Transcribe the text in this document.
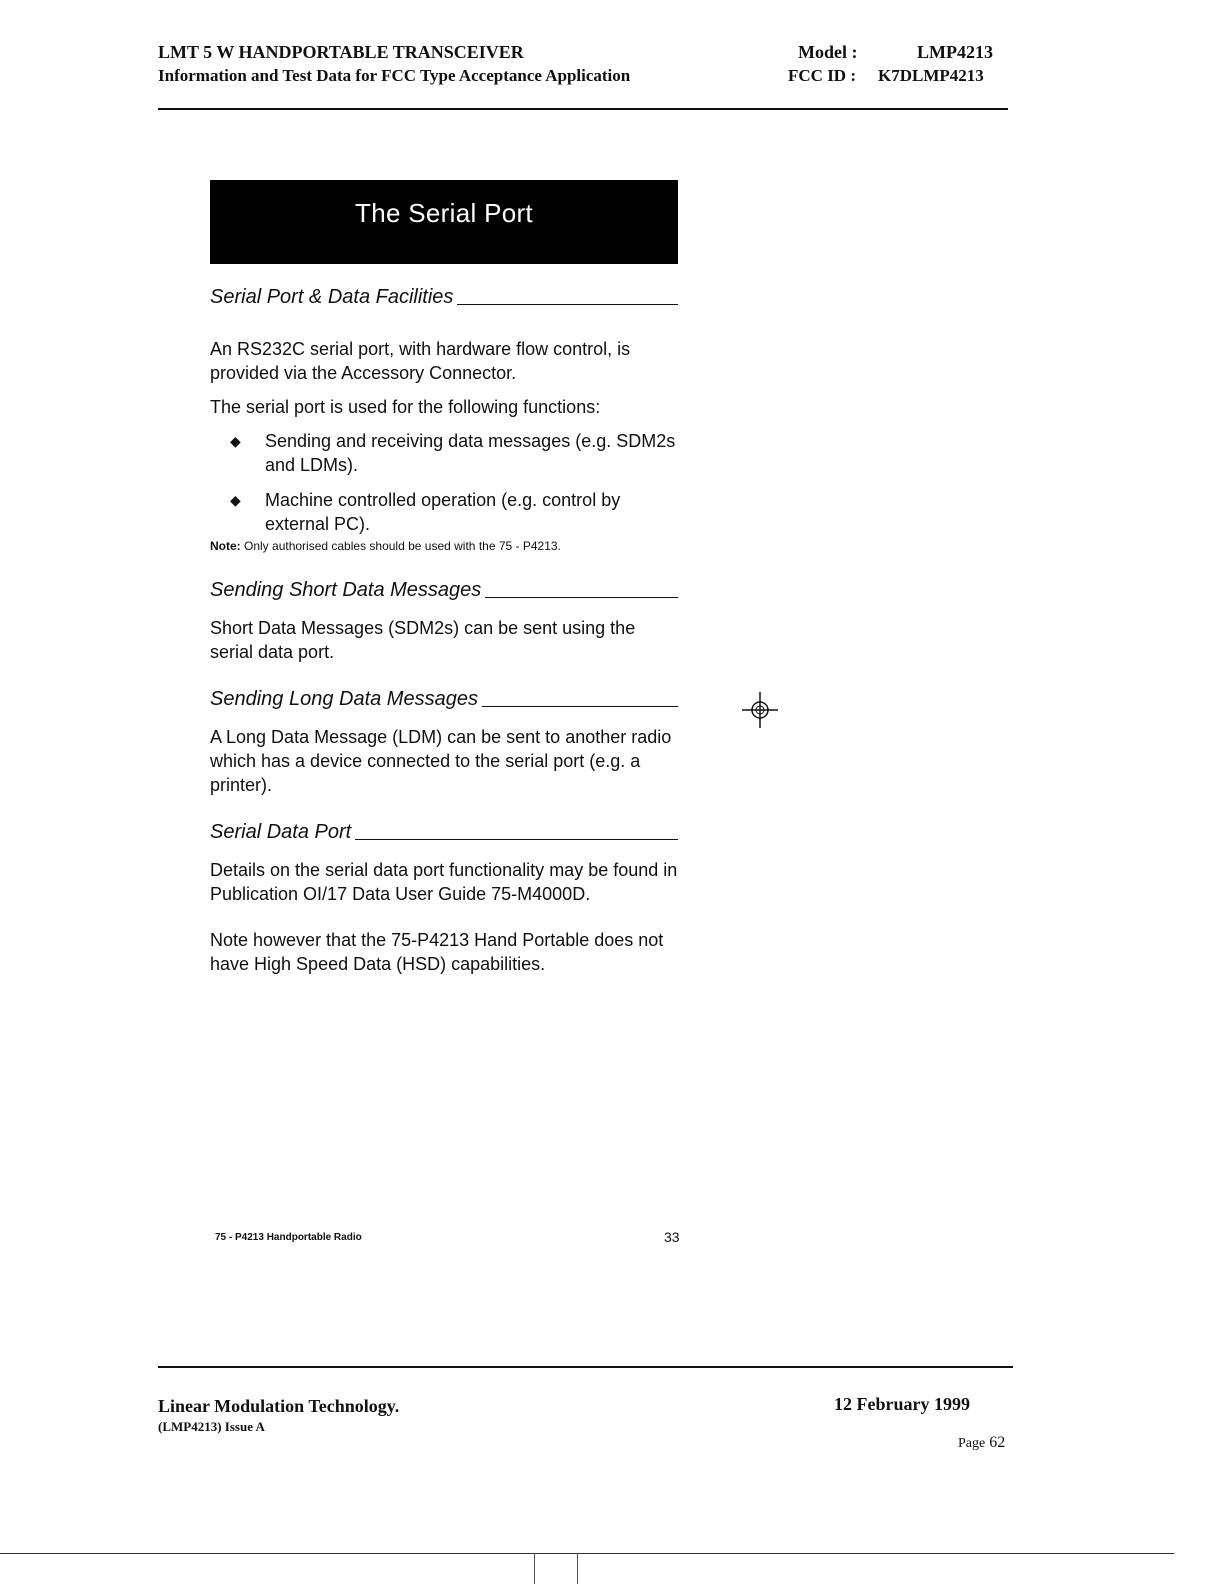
LMT 5 W HANDPORTABLE TRANSCEIVER
Information and Test Data for FCC Type Acceptance Application
Model :	LMP4213
FCC ID : K7DLMP4213
The Serial Port
Serial Port & Data Facilities

An RS232C serial port, with hardware flow control, is provided via the Accessory Connector.

The serial port is used for the following functions:

◆	Sending and receiving data messages (e.g. SDM2s and LDMs).
◆	Machine controlled operation (e.g. control by external PC).
Note: Only authorised cables should be used with the 75 - P4213.
Sending Short Data Messages

Short Data Messages (SDM2s) can be sent using the serial data port.

Sending Long Data Messages

A Long Data Message (LDM) can be sent to another radio which has a device connected to the serial port (e.g. a printer).

Serial Data Port

Details on the serial data port functionality may be found in Publication OI/17 Data User Guide 75-M4000D.

Note however that the 75-P4213 Hand Portable does not have High Speed Data (HSD) capabilities.

75 - P4213 Handportable Radio	33
Linear Modulation Technology.
(LMP4213) Issue A
12 February 1999
Page 62
